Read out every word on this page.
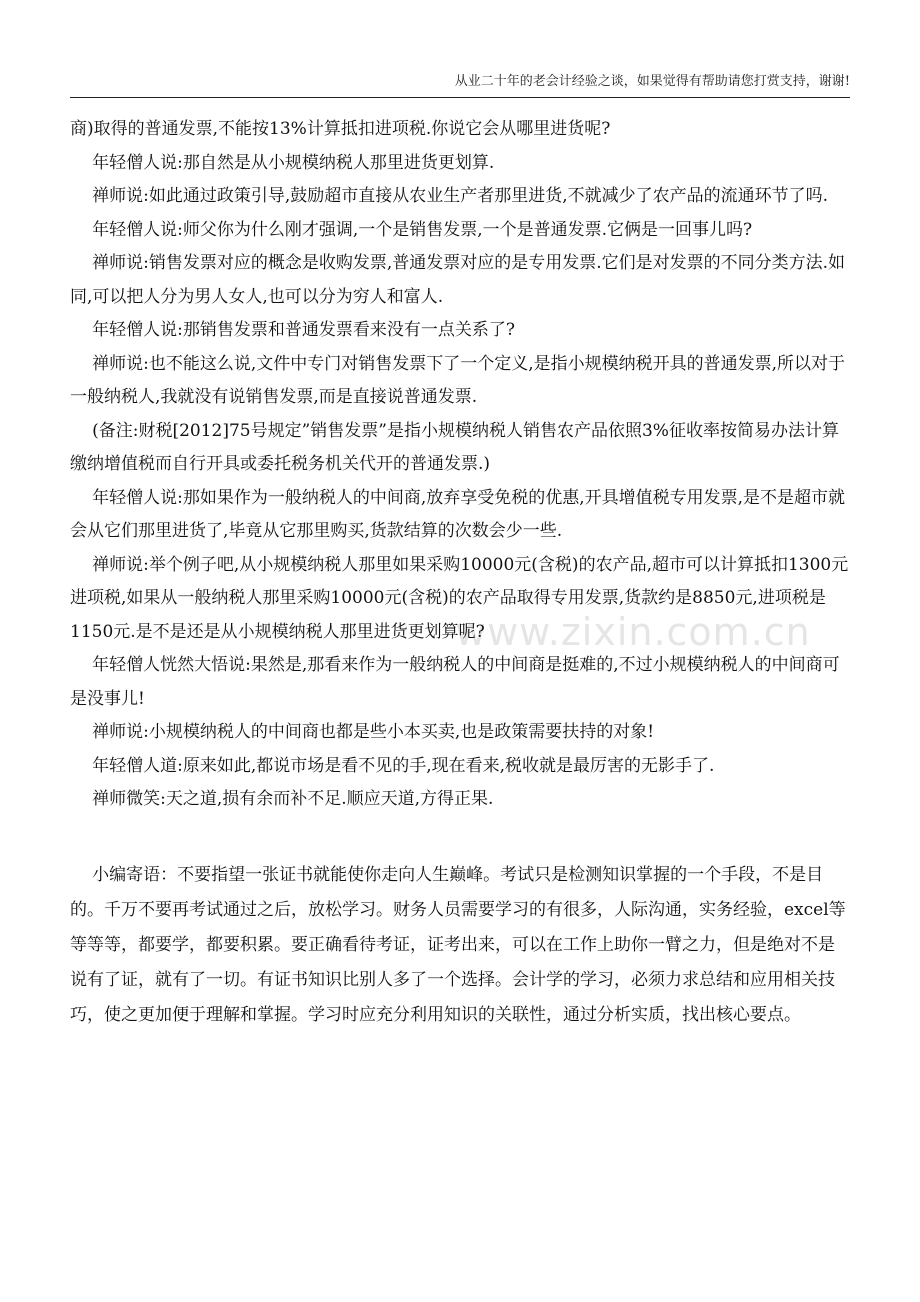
从业二十年的老会计经验之谈，如果觉得有帮助请您打赏支持，谢谢!
www.zixin.com.cn

商)取得的普通发票,不能按13%计算抵扣进项税.你说它会从哪里进货呢?

年轻僧人说:那自然是从小规模纳税人那里进货更划算.

禅师说:如此通过政策引导,鼓励超市直接从农业生产者那里进货,不就减少了农产品的流通环节了吗.

年轻僧人说:师父你为什么刚才强调,一个是销售发票,一个是普通发票.它俩是一回事儿吗?

禅师说:销售发票对应的概念是收购发票,普通发票对应的是专用发票.它们是对发票的不同分类方法.如同,可以把人分为男人女人,也可以分为穷人和富人.

年轻僧人说:那销售发票和普通发票看来没有一点关系了?

禅师说:也不能这么说,文件中专门对销售发票下了一个定义,是指小规模纳税开具的普通发票,所以对于一般纳税人,我就没有说销售发票,而是直接说普通发票.

(备注:财税[2012]75号规定”销售发票”是指小规模纳税人销售农产品依照3%征收率按简易办法计算缴纳增值税而自行开具或委托税务机关代开的普通发票.)

年轻僧人说:那如果作为一般纳税人的中间商,放弃享受免税的优惠,开具增值税专用发票,是不是超市就会从它们那里进货了,毕竟从它那里购买,货款结算的次数会少一些.

禅师说:举个例子吧,从小规模纳税人那里如果采购10000元(含税)的农产品,超市可以计算抵扣1300元进项税,如果从一般纳税人那里采购10000元(含税)的农产品取得专用发票,货款约是8850元,进项税是1150元.是不是还是从小规模纳税人那里进货更划算呢?

年轻僧人恍然大悟说:果然是,那看来作为一般纳税人的中间商是挺难的,不过小规模纳税人的中间商可是没事儿!

禅师说:小规模纳税人的中间商也都是些小本买卖,也是政策需要扶持的对象!

年轻僧人道:原来如此,都说市场是看不见的手,现在看来,税收就是最厉害的无影手了.

禅师微笑:天之道,损有余而补不足.顺应天道,方得正果.

小编寄语：不要指望一张证书就能使你走向人生巅峰。考试只是检测知识掌握的一个手段，不是目的。千万不要再考试通过之后，放松学习。财务人员需要学习的有很多，人际沟通，实务经验，excel等等等等，都要学，都要积累。要正确看待考证，证考出来，可以在工作上助你一臂之力，但是绝对不是说有了证，就有了一切。有证书知识比别人多了一个选择。会计学的学习，必须力求总结和应用相关技巧，使之更加便于理解和掌握。学习时应充分利用知识的关联性，通过分析实质，找出核心要点。
